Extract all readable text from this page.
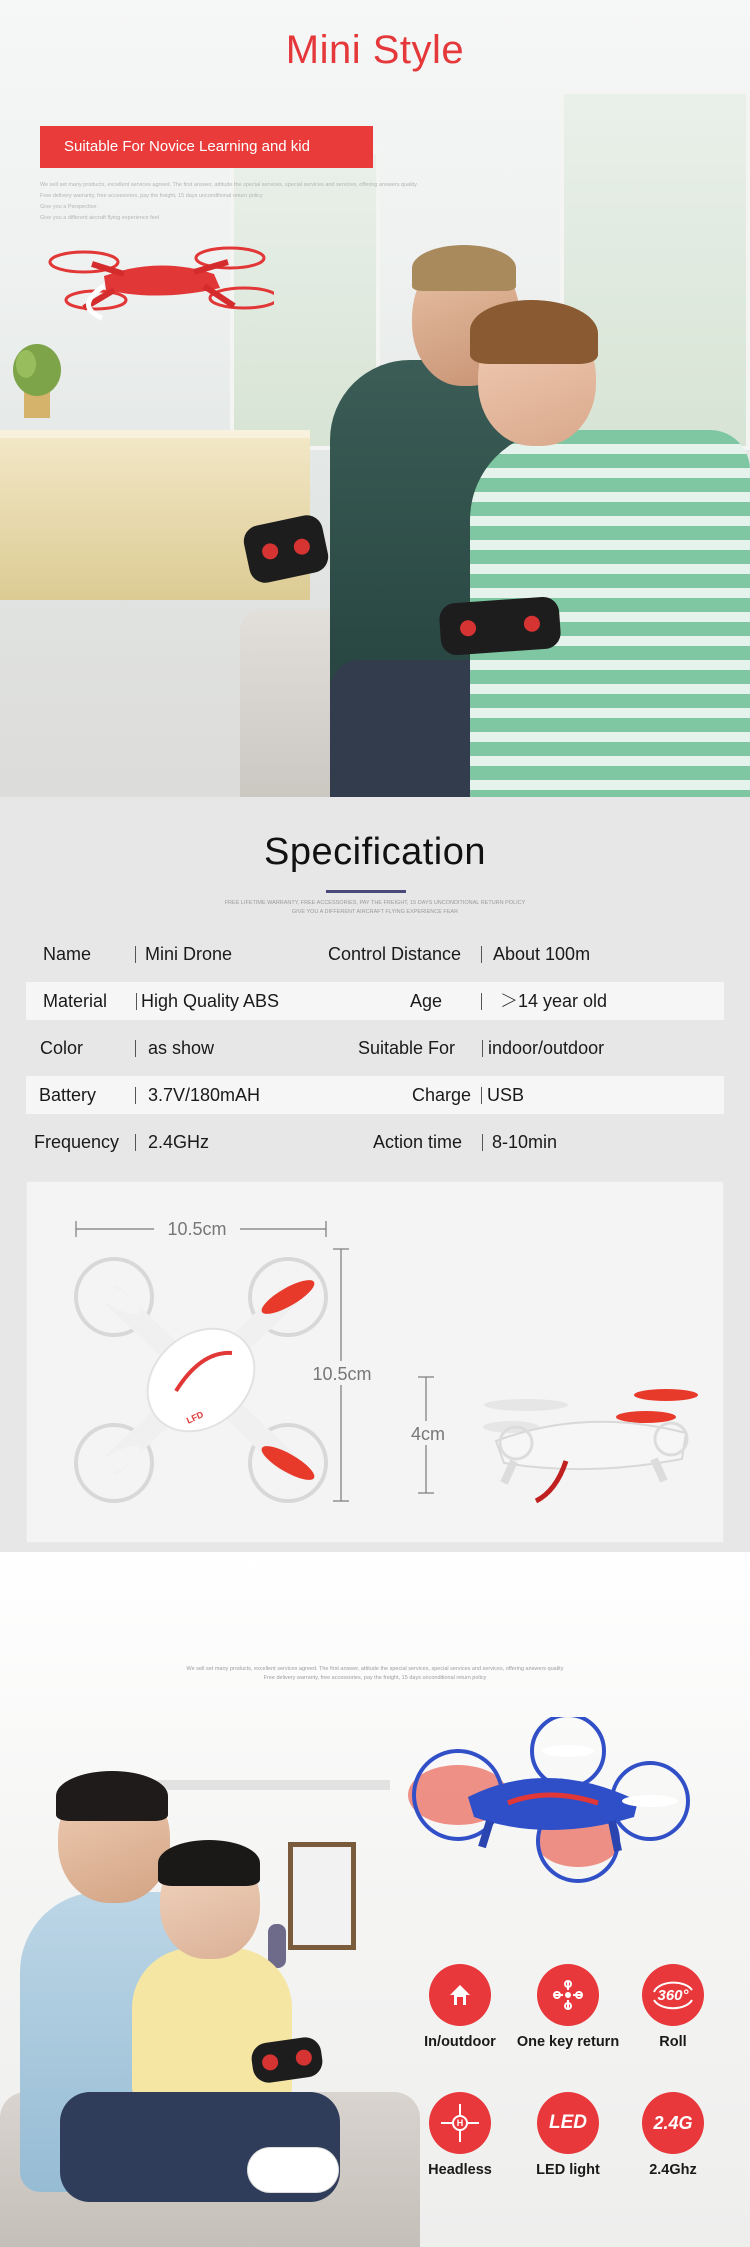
Mini Style
Suitable For Novice Learning and kid
We sell set many products, excellent services agreed. The first answer, attitude the special services, special services and services, offering answers quality
Free delivery warranty, free accessories, pay the freight, 15 days unconditional return policy
Give you a Perspective
Give you a different aircraft flying experience feel
Specification
FREE LIFETIME WARRANTY, FREE ACCESSORIES, PAY THE FREIGHT, 15 DAYS UNCONDITIONAL RETURN POLICY
GIVE YOU A DIFFERENT AIRCRAFT FLYING EXPERIENCE FEAR
Name	Mini Drone	Control Distance About 100m
Material High Quality ABS	Age	＞14 year old
Color	as show	Suitable For indoor/outdoor
Battery	3.7V/180mAH	Charge USB
Frequency 2.4GHz	Action time 8-10min
LFD
10.5cm
10.5cm
4cm
We sell set many products, excellent services agreed. The first answer, attitude the special services, special services and services, offering answers quality
Free delivery warranty, free accessories, pay the freight, 15 days unconditional return policy
In/outdoor	One key return
360°
Roll
H
Headless
LED
LED light
2.4G
2.4Ghz
